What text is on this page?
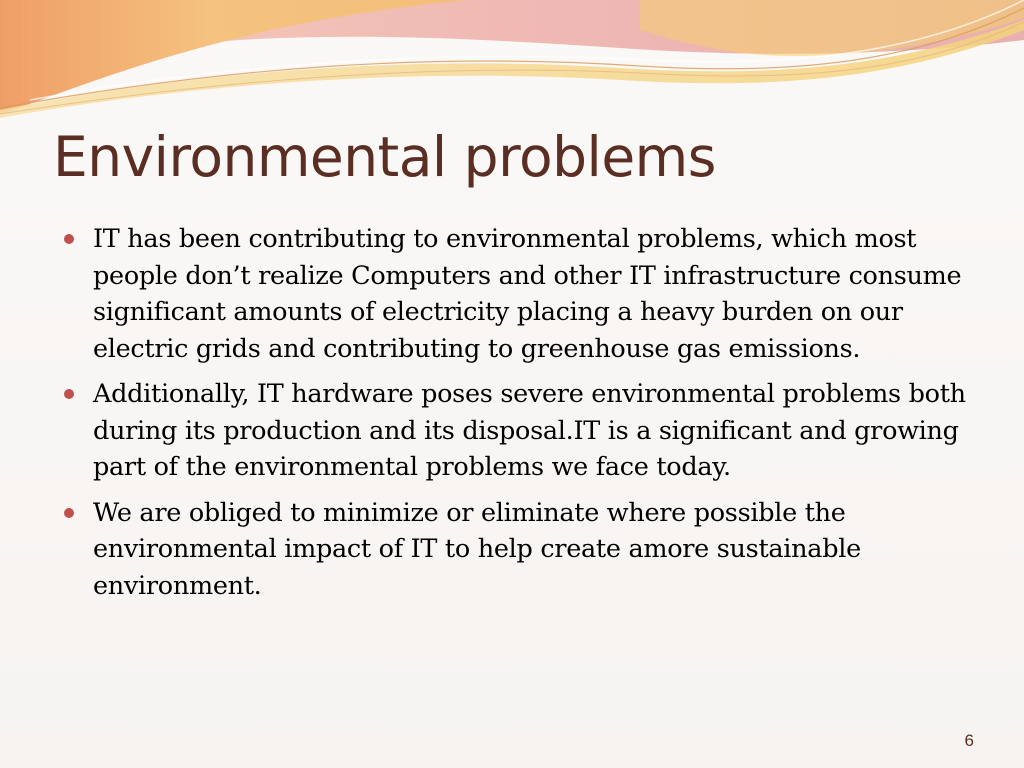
Environmental problems
IT has been contributing to environmental problems, which most people don’t realize Computers and other IT infrastructure consume significant amounts of electricity placing a heavy burden on our electric grids and contributing to greenhouse gas emissions.
Additionally, IT hardware poses severe environmental problems both during its production and its disposal.IT is a significant and growing part of the environmental problems we face today.
We are obliged to minimize or eliminate where possible the environmental impact of IT to help create amore sustainable environment.
6
